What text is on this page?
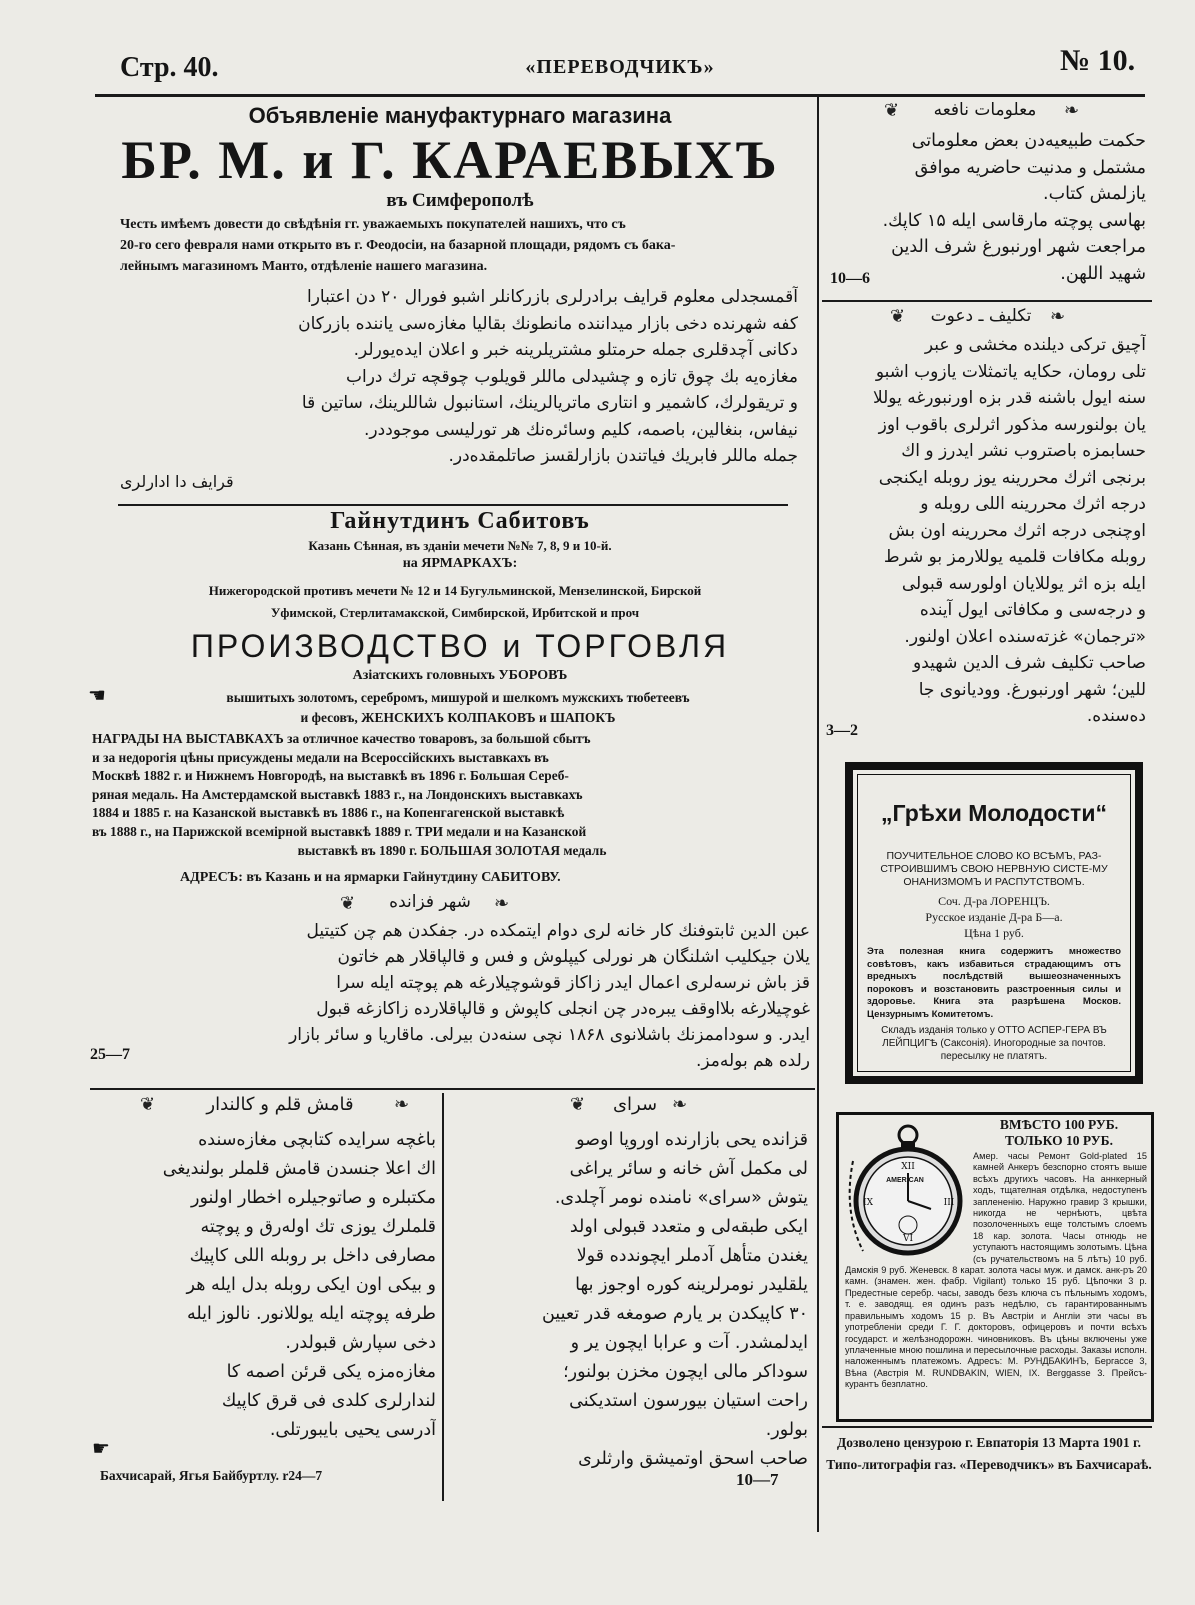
Стр. 40.	«ПЕРЕВОДЧИКЪ»	№ 10.
Объявленiе мануфактурнаго магазина
БР. М. и Г. КАРАЕВЫХЪ
въ Симферополѣ
Честь имѣемъ довести до свѣдѣнiя гг. уважаемыхъ покупателей нашихъ, что съ
20-го сего февраля нами открыто въ г. Феодосiи, на базарной площади, рядомъ съ бака-
лейнымъ магазиномъ Манто, отдѣленiе нашего магазина.
آقمسجدلی معلوم قرایف برادرلری بازرکانلر اشبو فورال ۲۰ دن اعتبارا
کفه شهرنده دخی بازار میداننده مانطونك بقالیا مغازه‌سی یاننده بازرکان
دکانی آچدقلری جمله حرمتلو مشتریلرینه خبر و اعلان ایده‌یورلر.
مغازه‌یه بك چوق تازه و چشیدلی ماللر قویلوب چوقچه ترك دراب
و تریقولرك، کاشمیر و انتاری ماتریالرینك، استانبول شاللرینك، ساتین قا
نیفاس، بنغالین، باصمه، کلیم وسائره‌نك هر تورلیسی موجوددر.
جمله ماللر فابریك فیاتندن بازارلقسز صاتلمقده‌در.
قرایف دا ادارلری
Гайнутдинъ Сабитовъ
Казань Сѣнная, въ зданiи мечети №№ 7, 8, 9 и 10-й.
на ЯРМАРКАХЪ:
Нижегородской противъ мечети № 12 и 14 Бугульминской, Мензелинской, Бирской
Уфимской, Стерлитамакской, Симбирской, Ирбитской и проч
ПРОИЗВОДСТВО и ТОРГОВЛЯ
Азiатскихъ головныхъ УБОРОВЪ
☚	вышитыхъ золотомъ, серебромъ, мишурой и шелкомъ мужскихъ тюбетеевъ
и фесовъ, ЖЕНСКИХЪ КОЛПАКОВЪ и ШАПОКЪ
НАГРАДЫ НА ВЫСТАВКАХЪ за отличное качество товаровъ, за большой сбытъ
и за недорогiя цѣны присуждены медали на Всероссiйскихъ выставкахъ въ
Москвѣ 1882 г. и Нижнемъ Новгородѣ, на выставкѣ въ 1896 г. Большая Сереб-
ряная медаль. На Амстердамской выставкѣ 1883 г., на Лондонскихъ выставкахъ
1884 и 1885 г. на Казанской выставкѣ въ 1886 г., на Копенгагенской выставкѣ
въ 1888 г., на Парижской всемiрной выставкѣ 1889 г. ТРИ медали и на Казанской
выставкѣ въ 1890 г. БОЛЬШАЯ ЗОЛОТАЯ медаль
АДРЕСЪ: въ Казань и на ярмарки Гайнутдину САБИТОВУ.
❦	شهر فزانده	❧
عبن الدین ثابتوفنك كار خانه لری دوام ایتمكده در. جفكدن هم چن کتیتیل
یلان جیکلیب اشلنگان هر نورلی کیپلوش و فس و قالپاقلار هم خاتون
قز باش نرسه‌لری اعمال ایدر زاکاز قوشوچیلارغه هم پوچته ایله سرا
غوچیلارغه بلااوقف یبره‌در چن انجلی کاپوش و قالپاقلارده زاکازغه قبول
ایدر. و سوداممزنك باشلانوی ۱۸۶۸ نچی سنه‌دن بیرلی. ماقاریا و سائر بازار
رلده هم بوله‌مز.
25—7
❦	قامش قلم و کالندار	❧
باغچه سرایده کتابچی مغازه‌سنده
اك اعلا جنسدن قامش قلملر بولندیغی
مکتبلره و صاتوجیلره اخطار اولنور
قلملرك یوزی تك اوله‌رق و پوچته
مصارفی داخل بر روبله اللی کاپیك
و بیکی اون ایکی روبله بدل ایله هر
طرفه پوچته ایله یوللانور. نالوز ایله
دخی سپارش قبولدر.
مغازه‌مزه یکی قرئن اصمه کا
لندارلری کلدی فی قرق کاپیك
آدرسی یحیی بایبورتلی.
☛
Бахчисарай, Ягья Байбуртлу. r24—7
❦	سرای ❧
قزانده یحی بازارنده اوروپا اوصو
لی مکمل آش خانه و سائر یراغی
یتوش «سرای» نامنده نومر آچلدی.
ایکی طبقه‌لی و متعدد قبولی اولد
یغندن متأهل آدملر ایچوندده قولا
یلقلیدر نومرلرینه کوره اوجوز بها
۳۰ کاپیکدن بر یارم صومغه قدر تعیین
ایدلمشدر. آت و عرابا ایچون یر و
سوداکر مالی ایچون مخزن بولنور؛
راحت استیان بیورسون استدیکنی
بولور.
صاحب اسحق اوتمیشق وارثلری
10—7
❦	معلومات نافعه	❧
حکمت طبیعیه‌دن بعض معلوماتی
مشتمل و مدنیت حاضریه موافق
یازلمش کتاب.
بهاسی پوچته مارقاسی ایله ۱۵ کاپك.
مراجعت شهر اورنبورغ شرف الدین
شهید اللهن.
10—6
❦	تکلیف ـ دعوت	❧
آچیق ترکی دیلنده مخشی و عبر
تلی رومان، حکایه یاتمثلات یازوب اشبو
سنه ایول باشنه قدر بزه اورنبورغه یوللا
یان بولنورسه مذکور اثرلری باقوب اوز
حسابمزه باصتروب نشر ایدرز و اك
برنجی اثرك محررینه یوز روبله ایکنجی
درجه اثرك محررینه اللی روبله و
اوچنجی درجه اثرك محررینه اون بش
روبله مکافات قلمیه یوللارمز بو شرط
ایله بزه اثر یوللایان اولورسه قبولی
و درجه‌سی و مکافاتی ایول آینده
«ترجمان» غزته‌سنده اعلان اولنور.
صاحب تکلیف شرف الدین شهیدو
للین؛ شهر اورنبورغ. وودیانوی جا
ده‌سنده.
3—2
„Грѣхи Молодости“
ПОУЧИТЕЛЬНОЕ СЛОВО КО ВСѢМЪ, РАЗ-СТРОИВШИМЪ СВОЮ НЕРВНУЮ СИСТЕ-МУ ОНАНИЗМОМЪ И РАСПУТСТВОМЪ.
Соч. Д-ра ЛОРЕНЦЪ.
Русское изданiе Д-ра Б—а.
Цѣна 1 руб.
Эта полезная книга содержитъ множество совѣтовъ, какъ избавиться страдающимъ отъ вредныхъ послѣдствiй вышеозначенныхъ пороковъ и возстановить разстроенныя силы и здоровье. Книга эта разрѣшена Москов. Цензурнымъ Комитетомъ.
Складъ изданiя только у ОТТО АСПЕР-ГЕРА ВЪ ЛЕЙПЦИГѢ (Саксонiя). Иногородные за почтов. пересылку не платятъ.
ВМѢСТО 100 РУБ.
ТОЛЬКО 10 РУБ.
XII
III
VI
IX
AMERICAN
Амер. часы Ремонт Gold-plated 15 камней Анкеръ безспорно стоятъ выше всѣхъ другихъ часовъ. На аннкерный ходъ, тщателная отдѣлка, недоступенъ заплененiю. Наружно гравир 3 крышки, никогда не чернѣютъ, цвѣта позолоченныхъ еще толстымъ слоемъ 18 кар. золота. Часы отнюдь не уступаютъ настоящимъ золотымъ. Цѣна (съ ручательствомъ на 5 лѣтъ) 10 руб. Дамскiя 9 руб. Женевск. 8 карат. золота часы муж. и дамск. анк-ръ 20 камн. (знамен. жен. фабр. Vigilant) только 15 руб. Цѣпочки 3 р. Предестные серебр. часы, заводъ безъ ключа съ пѣльнымъ ходомъ, т. е. заводящ. ея одинъ разъ недѣлю, съ гарантированнымъ правильнымъ ходомъ 15 р. Въ Австрiи и Англiи эти часы въ употребленiи среди Г. Г. докторовъ, офицеровъ и почти всѣхъ государст. и желѣзнодорожн. чиновниковъ. Въ цѣны включены уже уплаченные мною пошлина и пересылочные расходы. Заказы исполн. наложеннымъ платежомъ. Адресъ: М. РУНДБАКИНЪ, Бергассе 3, Вѣна (Австрiя M. RUNDBAKIN, WIEN, IX. Berggasse 3. Прейсъ-курантъ безплатно.
Дозволено цензурою г. Евпаторiя 13 Марта 1901 г. Типо-литографiя газ. «Переводчикъ» въ Бахчисараѣ.
